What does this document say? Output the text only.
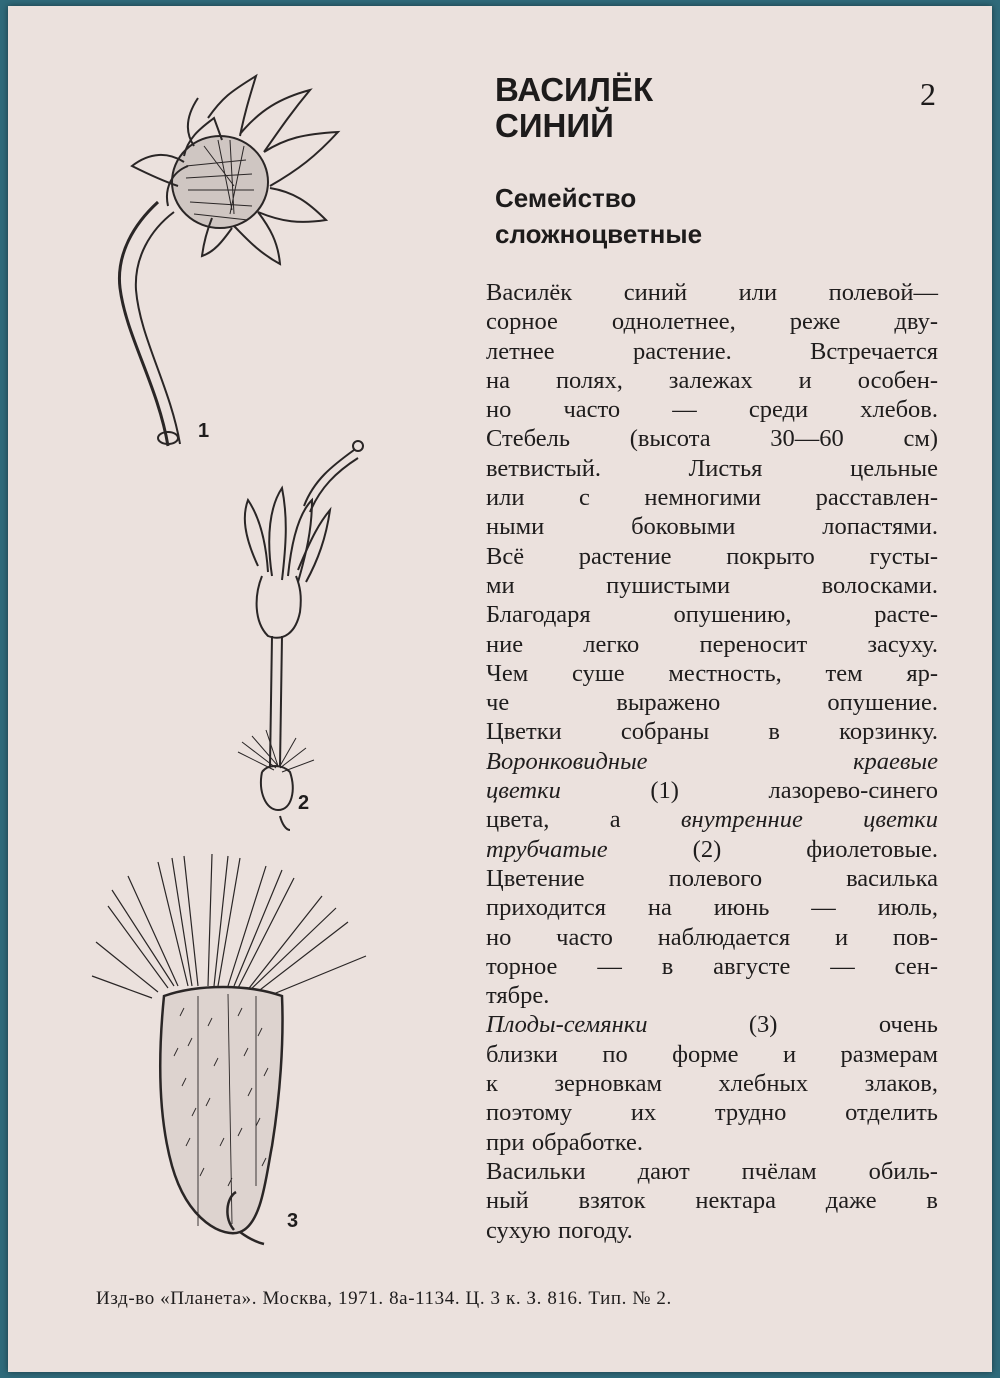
ВАСИЛЁК
СИНИЙ
2
Семейство
сложноцветные
Василёк синий или полевой—
сорное однолетнее, реже дву-
летнее	растение.	Встречается
на полях, залежах и особен-
но часто — среди хлебов.
Стебель (высота 30—60 см)
ветвистый.	Листья	цельные
или с немногими расставлен-
ными	боковыми	лопастями.
Всё растение покрыто густы-
ми	пушистыми	волосками.
Благодаря	опушению,	расте-
ние легко переносит засуху.
Чем суше местность, тем яр-
че	выражено	опушение.
Цветки собраны в корзинку.
Воронковидные	краевые
цветки	(1)	лазорево-синего
цвета, а внутренние цветки
трубчатые	(2)	фиолетовые.
Цветение	полевого	василька
приходится на июнь — июль,
но часто наблюдается и пов-
торное — в августе — сен-
тябре.
Плоды-семянки	(3)	очень
близки по форме и размерам
к зерновкам хлебных злаков,
поэтому их трудно отделить
при обработке.
Васильки дают пчёлам обиль-
ный взяток нектара даже в
сухую погоду.
1
2
3
Изд-во «Планета». Москва, 1971. 8а-1134. Ц. 3 к. З. 816. Тип. № 2.
